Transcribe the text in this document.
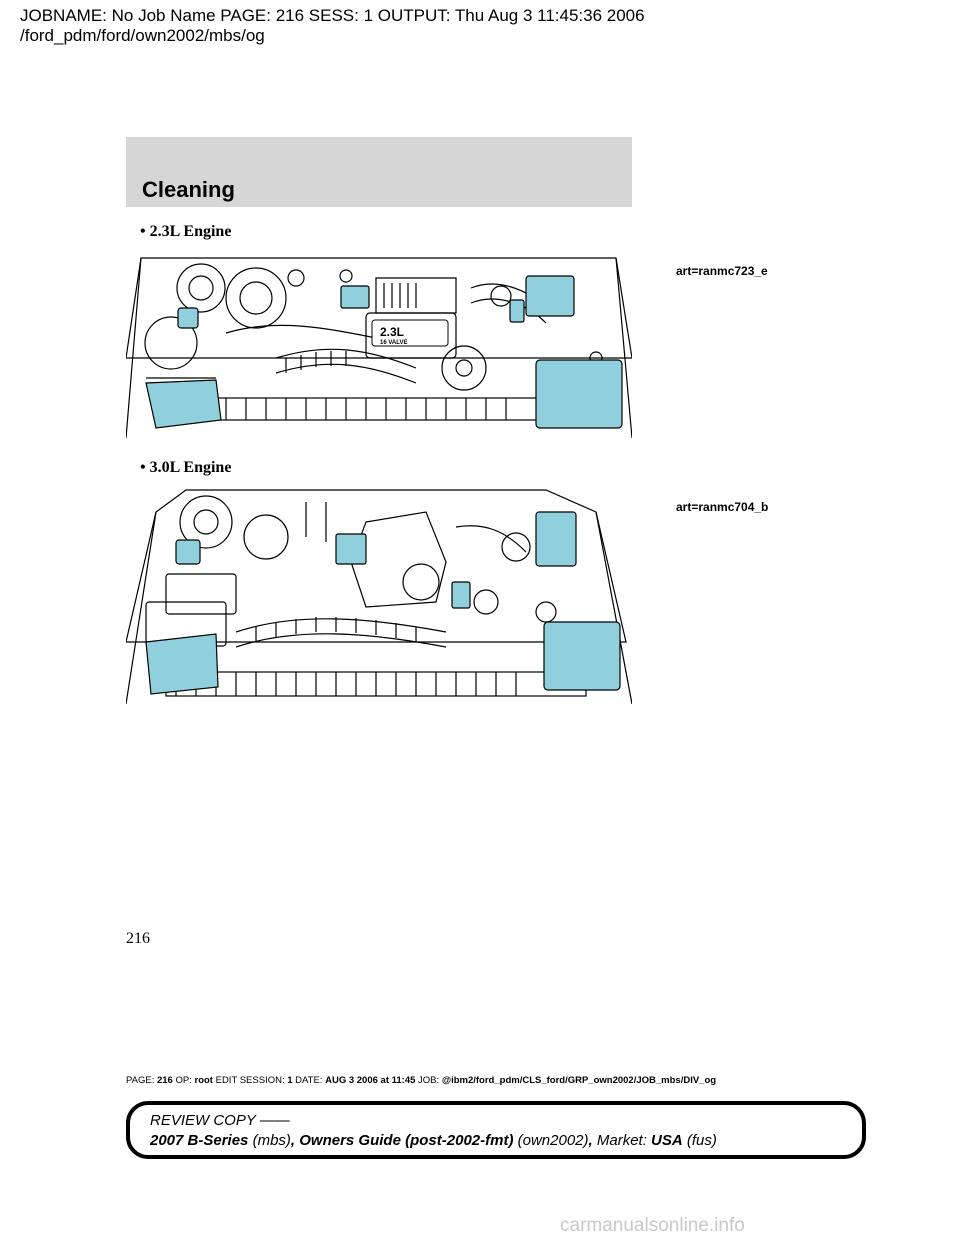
JOBNAME: No Job Name PAGE: 216 SESS: 1 OUTPUT: Thu Aug 3 11:45:36 2006
/ford_pdm/ford/own2002/mbs/og
Cleaning
• 2.3L Engine
art=ranmc723_e
2.3L
16 VALVE
• 3.0L Engine
art=ranmc704_b
216
PAGE: 216 OP: root EDIT SESSION: 1 DATE: AUG 3 2006 at 11:45 JOB: @ibm2/ford_pdm/CLS_ford/GRP_own2002/JOB_mbs/DIV_og
REVIEW COPY ——
2007 B-Series (mbs), Owners Guide (post-2002-fmt) (own2002), Market: USA (fus)
carmanualsonline.info
